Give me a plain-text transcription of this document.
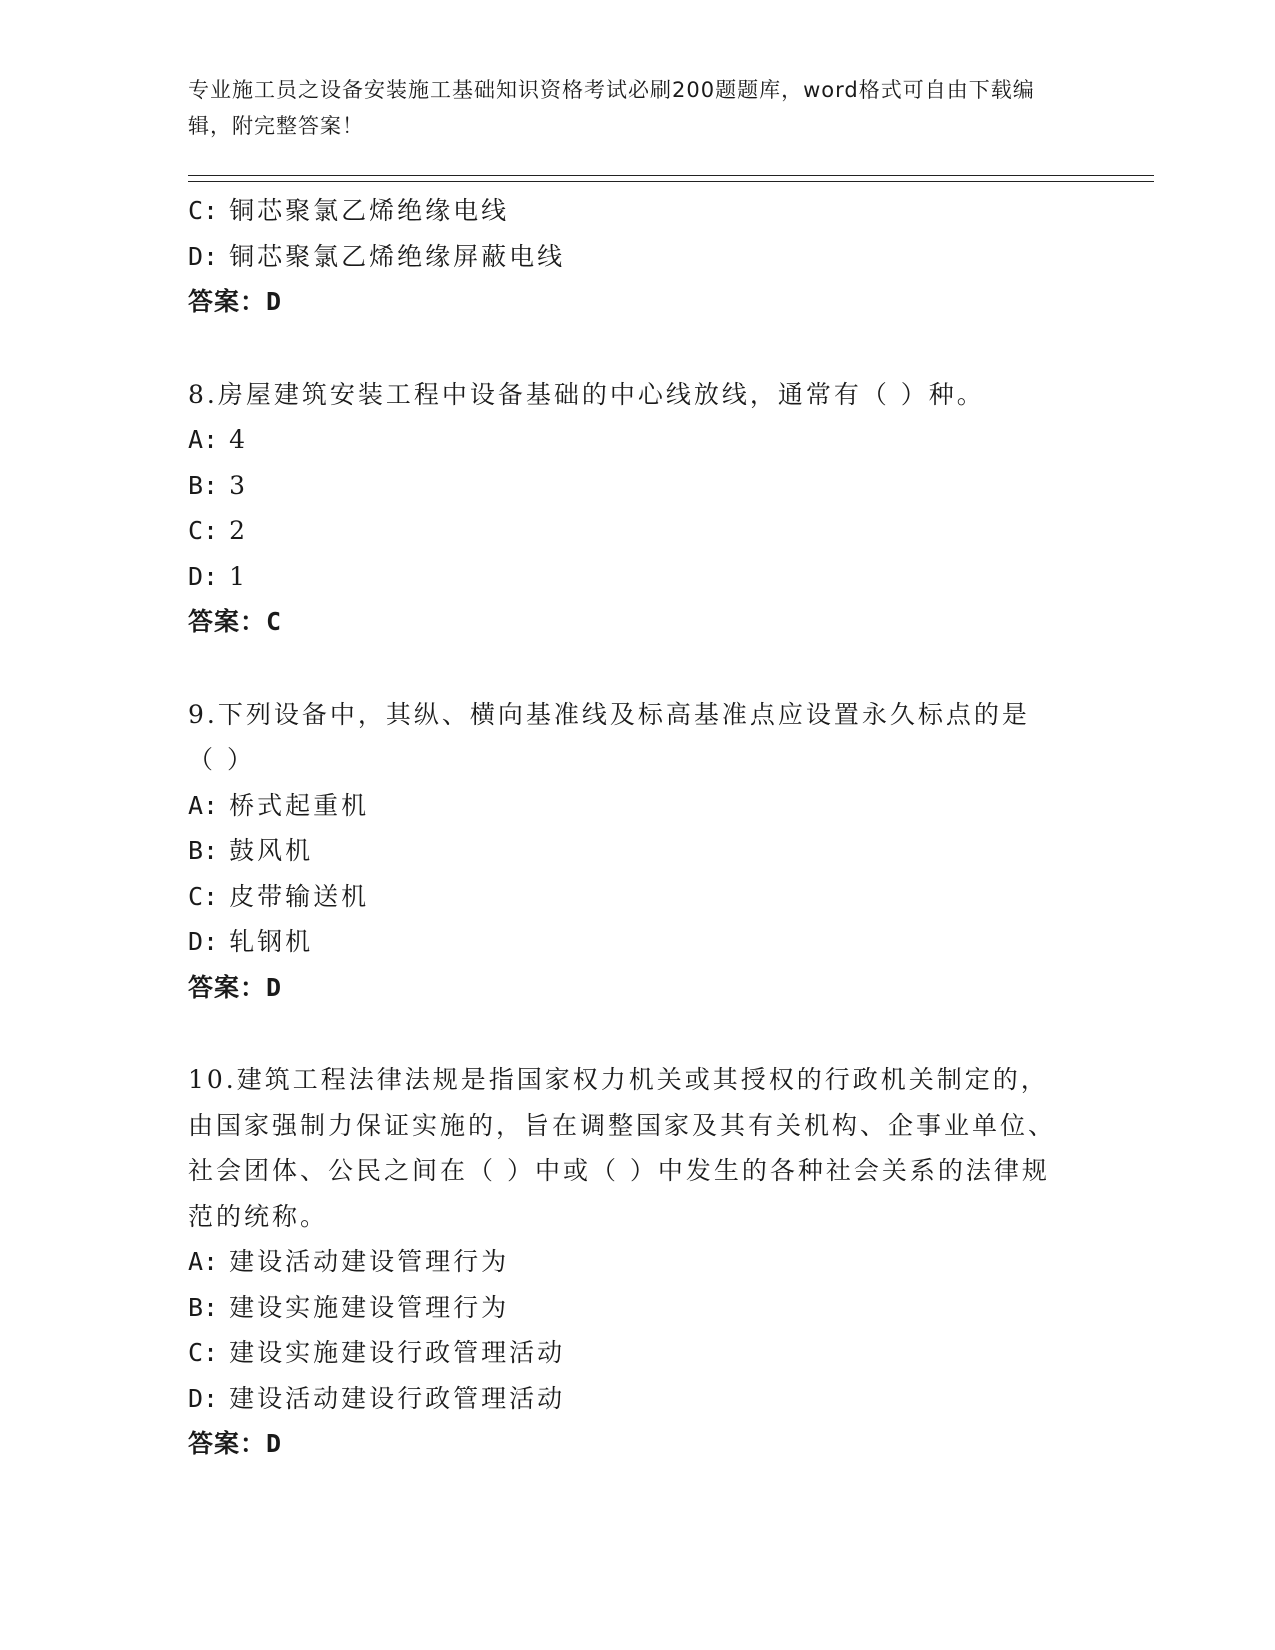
专业施工员之设备安装施工基础知识资格考试必刷200题题库，word格式可自由下载编辑，附完整答案！
C: 铜芯聚氯乙烯绝缘电线
D: 铜芯聚氯乙烯绝缘屏蔽电线
答案：D
8.房屋建筑安装工程中设备基础的中心线放线，通常有（ ）种。
A: 4
B: 3
C: 2
D: 1
答案：C
9.下列设备中，其纵、横向基准线及标高基准点应设置永久标点的是（ ）
A: 桥式起重机
B: 鼓风机
C: 皮带输送机
D: 轧钢机
答案：D
10.建筑工程法律法规是指国家权力机关或其授权的行政机关制定的，由国家强制力保证实施的，旨在调整国家及其有关机构、企事业单位、社会团体、公民之间在（ ）中或（ ）中发生的各种社会关系的法律规范的统称。
A: 建设活动建设管理行为
B: 建设实施建设管理行为
C: 建设实施建设行政管理活动
D: 建设活动建设行政管理活动
答案：D
